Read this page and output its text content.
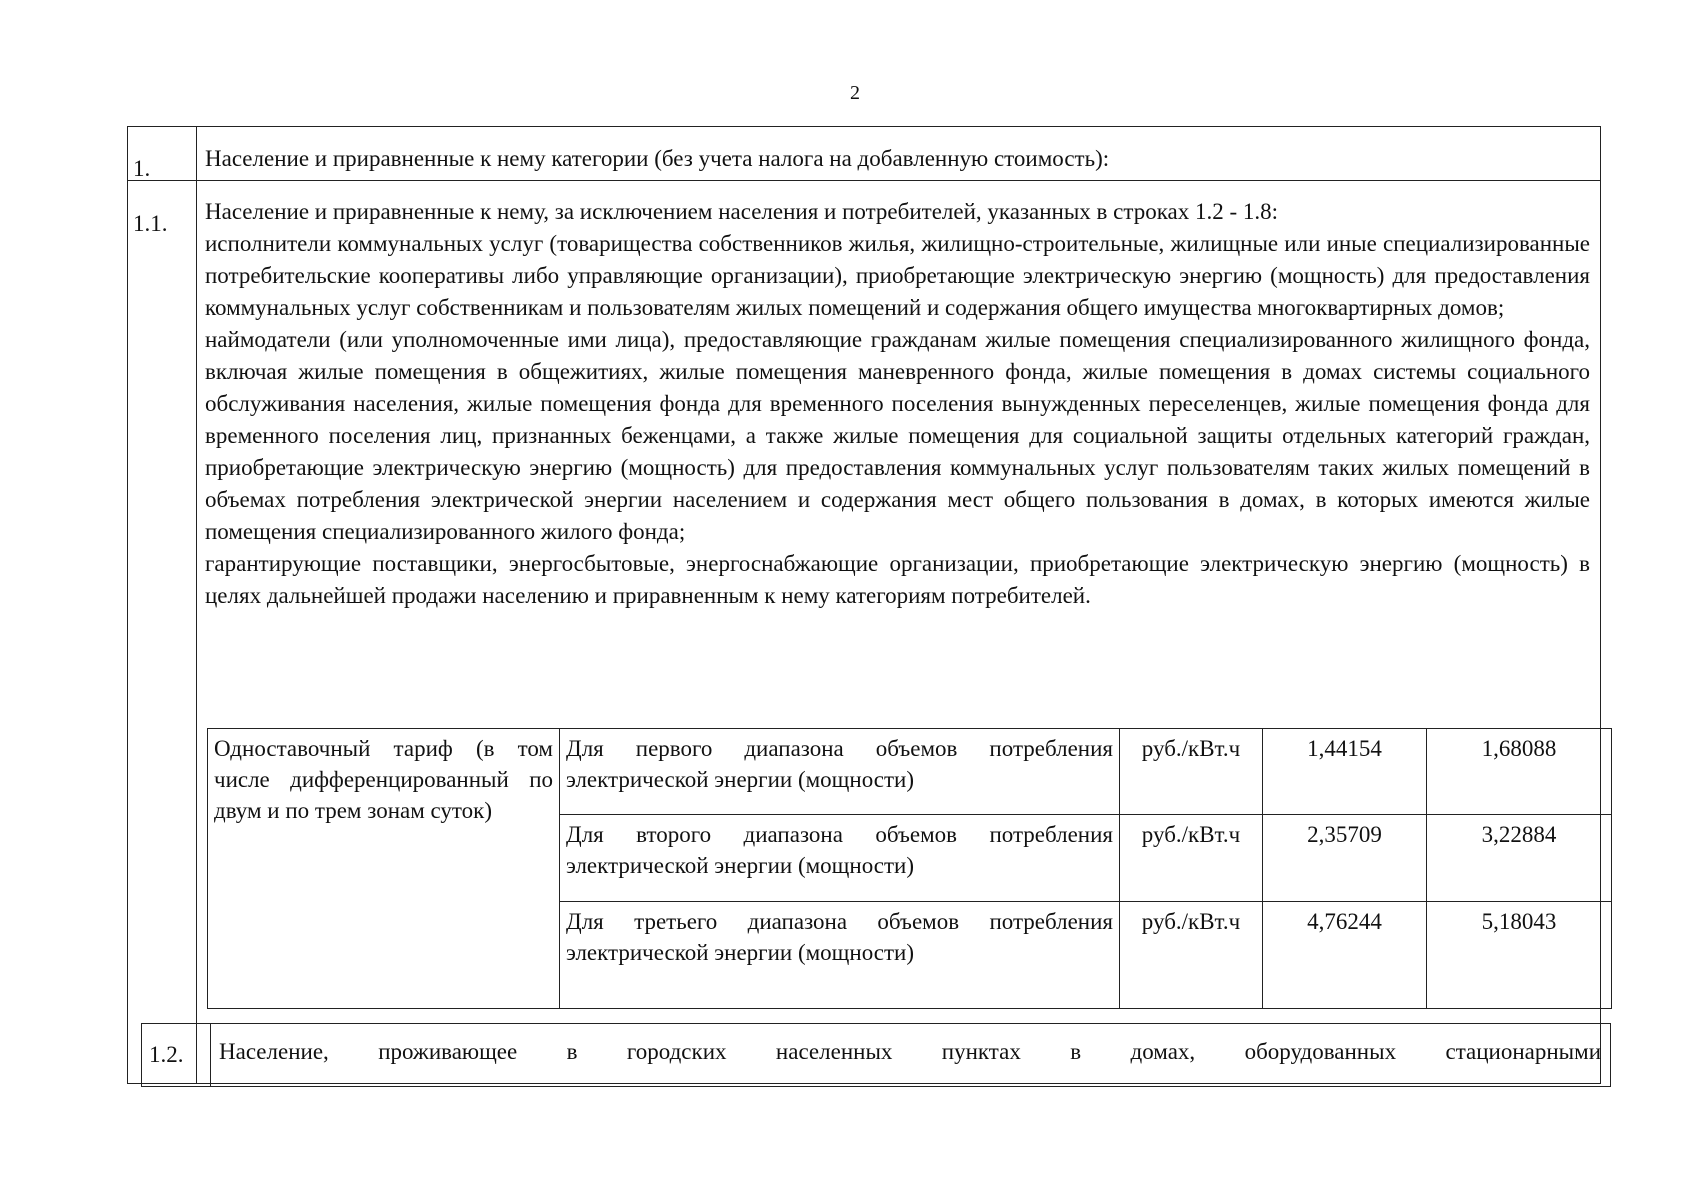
2
1. Население и приравненные к нему категории (без учета налога на добавленную стоимость):
1.1. Население и приравненные к нему, за исключением населения и потребителей, указанных в строках 1.2 - 1.8:

исполнители коммунальных услуг (товарищества собственников жилья, жилищно-строительные, жилищные или иные специализированные потребительские кооперативы либо управляющие организации), приобретающие электрическую энергию (мощность) для предоставления коммунальных услуг собственникам и пользователям жилых помещений и содержания общего имущества многоквартирных домов;

наймодатели (или уполномоченные ими лица), предоставляющие гражданам жилые помещения специализированного жилищного фонда, включая жилые помещения в общежитиях, жилые помещения маневренного фонда, жилые помещения в домах системы социального обслуживания населения, жилые помещения фонда для временного поселения вынужденных переселенцев, жилые помещения фонда для временного поселения лиц, признанных беженцами, а также жилые помещения для социальной защиты отдельных категорий граждан, приобретающие электрическую энергию (мощность) для предоставления коммунальных услуг пользователям таких жилых помещений в объемах потребления электрической энергии населением и содержания мест общего пользования в домах, в которых имеются жилые помещения специализированного жилого фонда;

гарантирующие поставщики, энергосбытовые, энергоснабжающие организации, приобретающие электрическую энергию (мощность) в целях дальнейшей продажи населению и приравненным к нему категориям потребителей.

Одноставочный тариф (в том числе дифференцированный по двум и по трем зонам суток)	Для первого диапазона объемов потребления электрической энергии (мощности)	руб./кВт.ч	1,44154	1,68088
	Для второго диапазона объемов потребления электрической энергии (мощности)	руб./кВт.ч	2,35709	3,22884
	Для третьего диапазона объемов потребления электрической энергии (мощности)	руб./кВт.ч	4,76244	5,18043
1.2. Население, проживающее в городских населенных пунктах в домах, оборудованных стационарными
